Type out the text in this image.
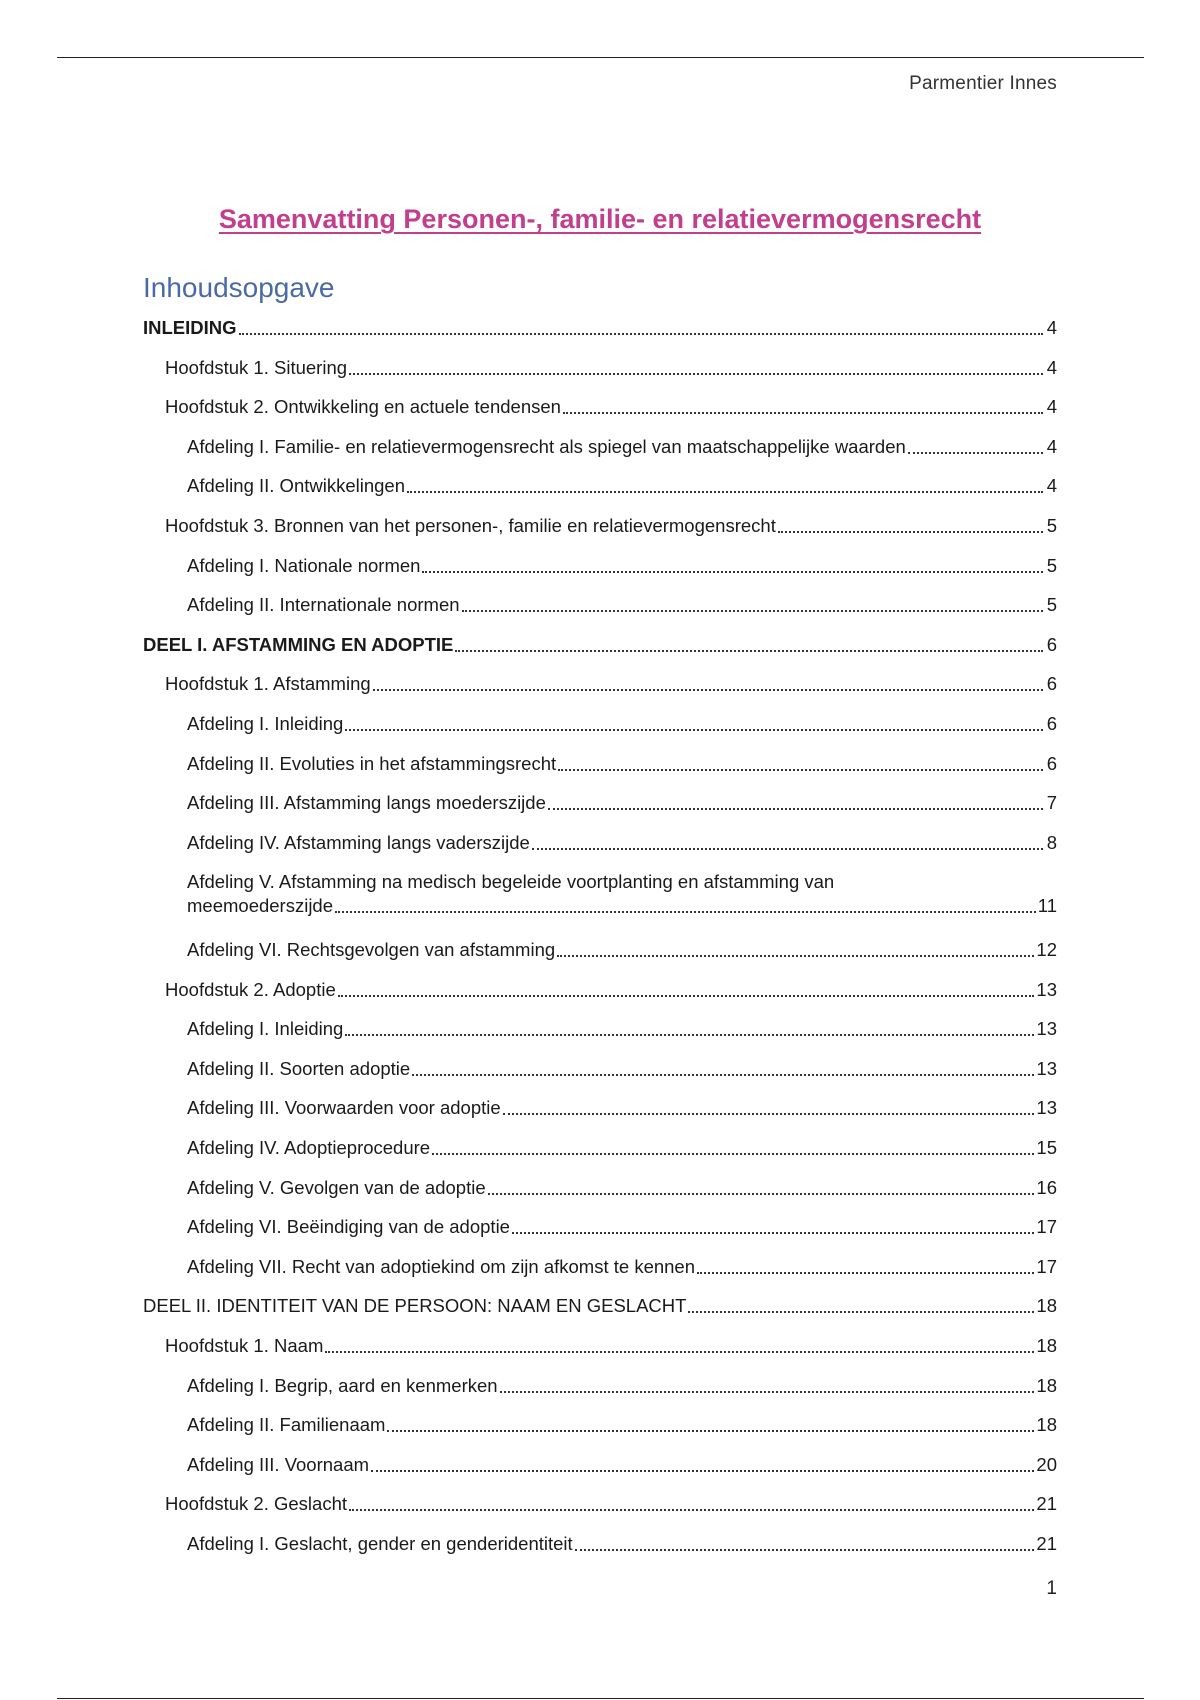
Parmentier Innes
Samenvatting Personen-, familie- en relatievermogensrecht
Inhoudsopgave
INLEIDING	4
Hoofdstuk 1. Situering	4
Hoofdstuk 2. Ontwikkeling en actuele tendensen	4
Afdeling I. Familie- en relatievermogensrecht als spiegel van maatschappelijke waarden	4
Afdeling II. Ontwikkelingen	4
Hoofdstuk 3. Bronnen van het personen-, familie en relatievermogensrecht	5
Afdeling I. Nationale normen	5
Afdeling II. Internationale normen	5
DEEL I. AFSTAMMING EN ADOPTIE	6
Hoofdstuk 1. Afstamming	6
Afdeling I. Inleiding	6
Afdeling II. Evoluties in het afstammingsrecht	6
Afdeling III. Afstamming langs moederszijde	7
Afdeling IV. Afstamming langs vaderszijde	8
Afdeling V. Afstamming na medisch begeleide voortplanting en afstamming van
meemoederszijde	11
Afdeling VI. Rechtsgevolgen van afstamming	12
Hoofdstuk 2. Adoptie	13
Afdeling I. Inleiding	13
Afdeling II. Soorten adoptie	13
Afdeling III. Voorwaarden voor adoptie	13
Afdeling IV. Adoptieprocedure	15
Afdeling V. Gevolgen van de adoptie	16
Afdeling VI. Beëindiging van de adoptie	17
Afdeling VII. Recht van adoptiekind om zijn afkomst te kennen	17
DEEL II. IDENTITEIT VAN DE PERSOON: NAAM EN GESLACHT	18
Hoofdstuk 1. Naam	18
Afdeling I. Begrip, aard en kenmerken	18
Afdeling II. Familienaam	18
Afdeling III. Voornaam	20
Hoofdstuk 2. Geslacht	21
Afdeling I. Geslacht, gender en genderidentiteit	21
1
